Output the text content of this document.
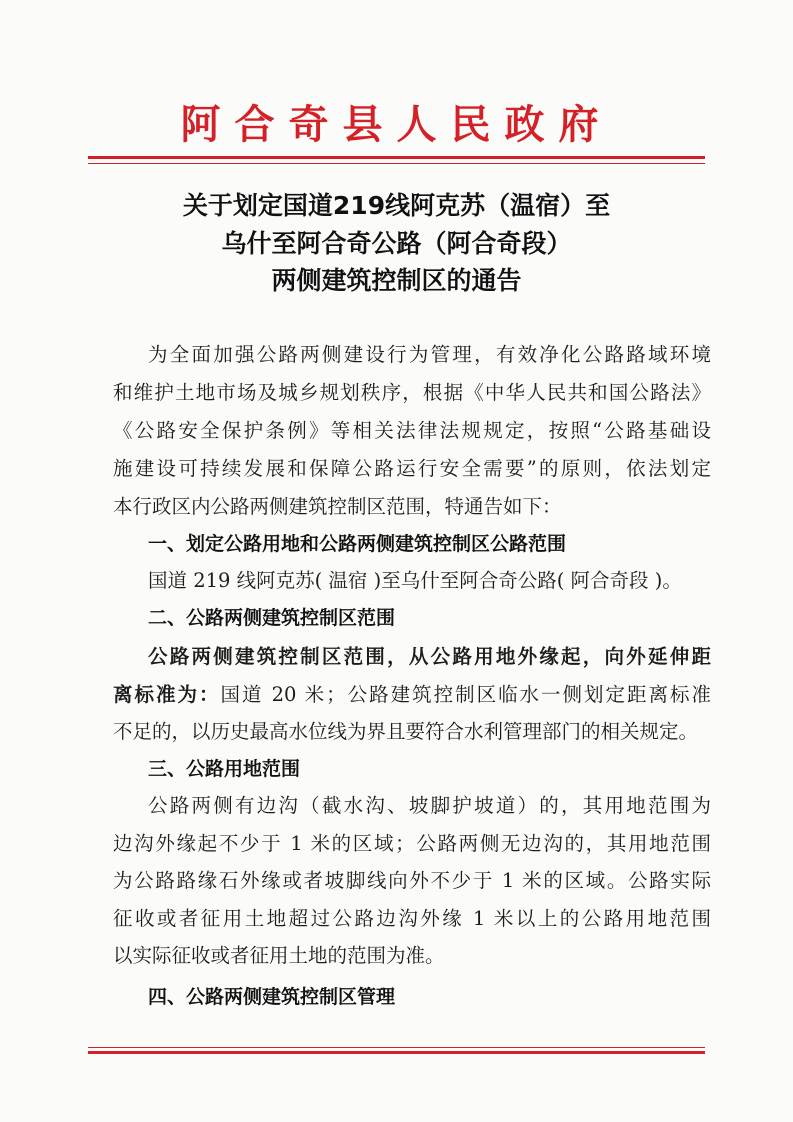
阿合奇县人民政府
关于划定国道219线阿克苏（温宿）至
乌什至阿合奇公路（阿合奇段）
两侧建筑控制区的通告
为全面加强公路两侧建设行为管理，有效净化公路路域环境
和维护土地市场及城乡规划秩序，根据《中华人民共和国公路法》
《公路安全保护条例》等相关法律法规规定，按照“公路基础设
施建设可持续发展和保障公路运行安全需要”的原则，依法划定
本行政区内公路两侧建筑控制区范围，特通告如下：
一、划定公路用地和公路两侧建筑控制区公路范围
国道 219 线阿克苏( 温宿 )至乌什至阿合奇公路( 阿合奇段 )。
二、公路两侧建筑控制区范围
公路两侧建筑控制区范围，从公路用地外缘起，向外延伸距
离标准为：国道 20 米；公路建筑控制区临水一侧划定距离标准
不足的，以历史最高水位线为界且要符合水利管理部门的相关规定。
三、公路用地范围
公路两侧有边沟（截水沟、坡脚护坡道）的，其用地范围为
边沟外缘起不少于 1 米的区域；公路两侧无边沟的，其用地范围
为公路路缘石外缘或者坡脚线向外不少于 1 米的区域。公路实际
征收或者征用土地超过公路边沟外缘 1 米以上的公路用地范围
以实际征收或者征用土地的范围为准。
四、公路两侧建筑控制区管理
